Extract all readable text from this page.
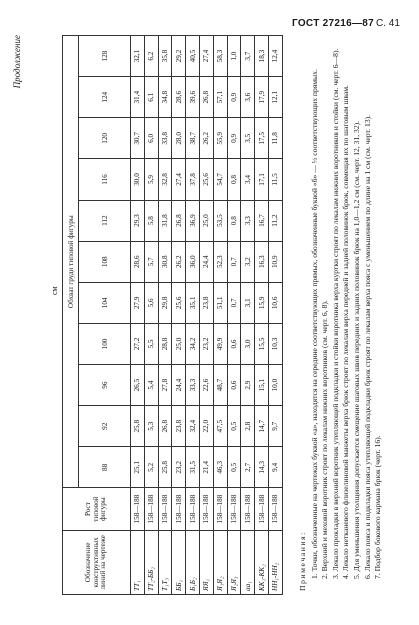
ГОСТ 27216—87 С. 41
Продолжение
см
Обозначение конструктивных линий на чертеже	Рост типовой фигуры	Обхват груди типовой фигуры										
		88	92	96	100	104	108	112	116	120	124	128
TT₁	158—188	25,1	25,8	26,5	27,2	27,9	28,6	29,3	30,0	30,7	31,4	32,1
TT₂-ББ₂	158—188	5,2	5,3	5,4	5,5	5,6	5,7	5,8	5,9	6,0	6,1	6,2
T₁T₃	158—188	25,8	26,8	27,8	28,8	29,8	30,8	31,8	32,8	33,8	34,8	35,8
ББ₁	158—188	23,2	23,8	24,4	25,0	25,6	26,2	26,8	27,4	28,0	28,6	29,2
Б₁Б₂	158—188	31,5	32,4	33,3	34,2	35,1	36,0	36,9	37,8	38,7	39,6	40,5
ЯЯ₁	158—188	21,4	22,0	22,6	23,2	23,8	24,4	25,0	25,6	26,2	26,8	27,4
Я₁Я₂	158—188	46,3	47,5	48,7	49,9	51,1	52,3	53,5	54,7	55,9	57,1	58,3
Я₂Я₃	158—188	0,5	0,5	0,6	0,6	0,7	0,7	0,8	0,8	0,9	0,9	1,0
аа₁	158—188	2,7	2,8	2,9	3,0	3,1	3,2	3,3	3,4	3,5	3,6	3,7
KK₁-KK₂	158—188	14,3	14,7	15,1	15,5	15,9	16,3	16,7	17,1	17,5	17,9	18,3
НН₁-НН₂	158—188	9,4	9,7	10,0	10,3	10,6	10,9	11,2	11,5	11,8	12,1	12,4

Примечания: 1. Точки, обозначенные на чертежах буквой «а», находятся на середине соответствующих прямых, обозначенные буквой «б» — ⅓ соответствующих прямых. 2. Верхний и меховой воротник строят по лекалам нижних воротников (см. черт. 6, 8). 3. Лекало прокладки в верхний воротник утепляющей подкладки и стойки воротника верха куртки строят по лекалам нижних воротников и стойки (см. черт. 6—8). 4. Лекало нетканевого флизелиновой манжеты верха брюк строят по лекалам верха передней и задней половинок брюк, совмещая их по шаговым швам. 5. Для уменьшения утолщения допускается смещение шаговых швов передних и задних половинок брюк на 1,0—1,2 см (см. черт. 12, 31, 32). 6. Лекало пояса и подкладки пояса утепляющей подкладки брюк строят по лекалам верха пояса с уменьшением по длине на 1 см (см. черт. 13). 7. Подбор бокового кармана брюк (черт. 16).
